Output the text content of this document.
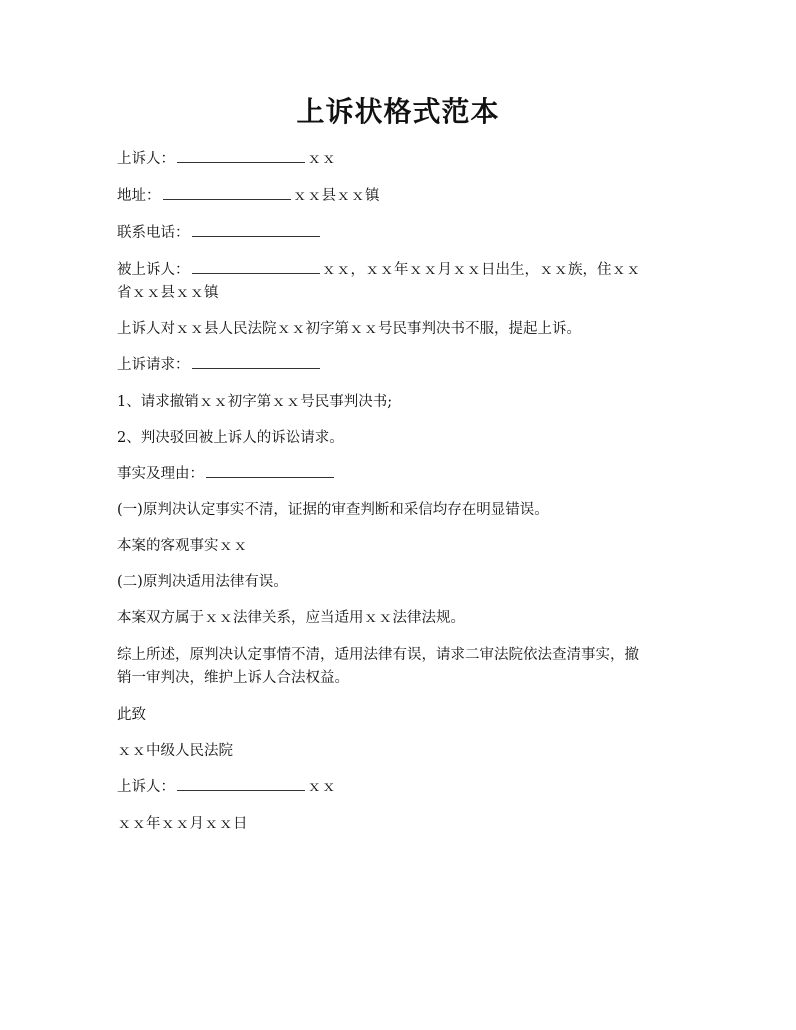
上诉状格式范本
上诉人：	ｘｘ
地址：	ｘｘ县ｘｘ镇
联系电话：
被上诉人：	ｘｘ，ｘｘ年ｘｘ月ｘｘ日出生，ｘｘ族，住ｘｘ
省ｘｘ县ｘｘ镇
上诉人对ｘｘ县人民法院ｘｘ初字第ｘｘ号民事判决书不服，提起上诉。
上诉请求：
1、请求撤销ｘｘ初字第ｘｘ号民事判决书;
2、判决驳回被上诉人的诉讼请求。
事实及理由：
(一)原判决认定事实不清，证据的审查判断和采信均存在明显错误。
本案的客观事实ｘｘ
(二)原判决适用法律有误。
本案双方属于ｘｘ法律关系，应当适用ｘｘ法律法规。
综上所述，原判决认定事情不清，适用法律有误，请求二审法院依法查清事实，撤
销一审判决，维护上诉人合法权益。
此致
ｘｘ中级人民法院
上诉人：	ｘｘ
ｘｘ年ｘｘ月ｘｘ日
